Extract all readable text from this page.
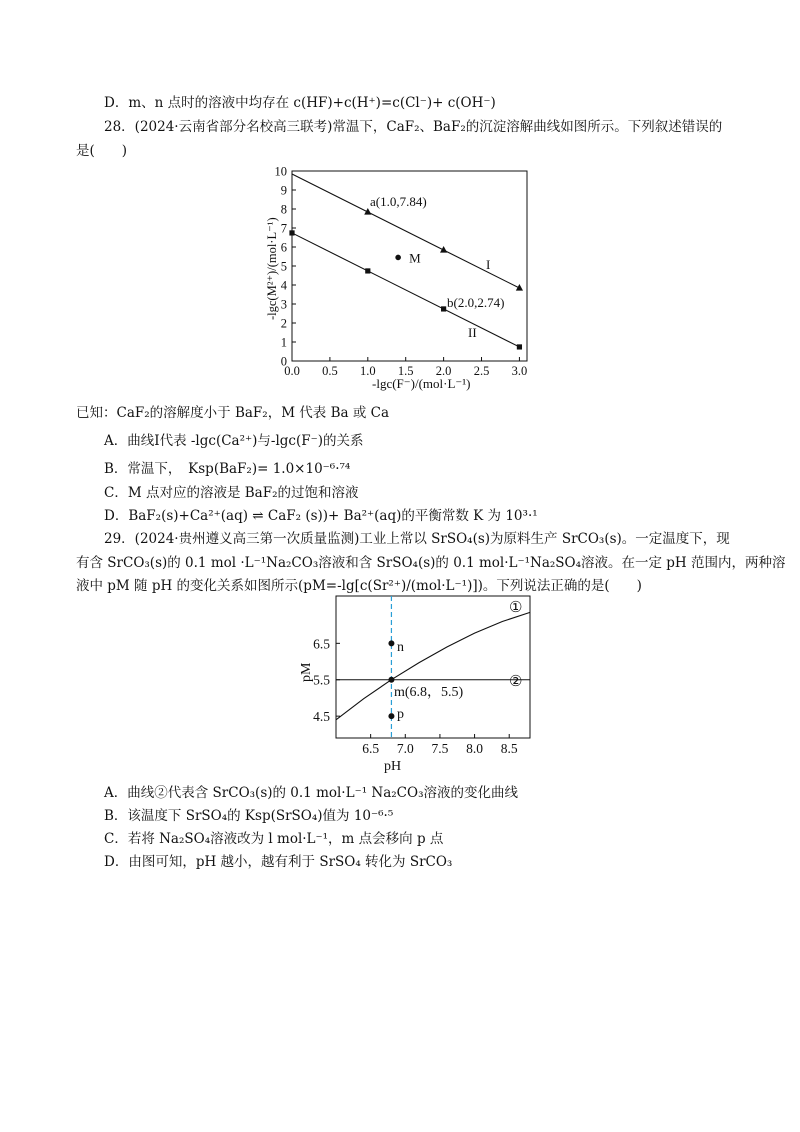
D．m、n 点时的溶液中均存在 c(HF)+c(H⁺)=c(Cl⁻)+ c(OH⁻)
28．(2024·云南省部分名校高三联考)常温下，CaF₂、BaF₂的沉淀溶解曲线如图所示。下列叙述错误的
是(　　)
0.0 0.5 1.0 1.5 2.0 2.5 3.0
0
1
2
3
4
5
6
7
8
9
10
M
a(1.0,7.84)
b(2.0,2.74)
I
II
-lgc(F⁻)/(mol·L⁻¹)
-lgc(M²⁺)/(mol·L⁻¹)
已知：CaF₂的溶解度小于 BaF₂，M 代表 Ba 或 Ca
A．曲线Ⅰ代表 -lgc(Ca²⁺)与-lgc(F⁻)的关系
B．常温下，　Ksp(BaF₂)= 1.0×10⁻⁶·⁷⁴
C．M 点对应的溶液是 BaF₂的过饱和溶液
D．BaF₂(s)+Ca²⁺(aq) ⇌ CaF₂ (s))+ Ba²⁺(aq)的平衡常数 K 为 10³·¹
29．(2024·贵州遵义高三第一次质量监测)工业上常以 SrSO₄(s)为原料生产 SrCO₃(s)。一定温度下，现
有含 SrCO₃(s)的 0.1 mol ·L⁻¹Na₂CO₃溶液和含 SrSO₄(s)的 0.1 mol·L⁻¹Na₂SO₄溶液。在一定 pH 范围内，两种溶
液中 pM 随 pH 的变化关系如图所示(pM=-lg[c(Sr²⁺)/(mol·L⁻¹)])。下列说法正确的是(　　)
6.5 7.0 7.5 8.0 8.5
4.5
5.5
6.5
①
②
m(6.8，5.5)
n
p
pH
pM
A．曲线②代表含 SrCO₃(s)的 0.1 mol·L⁻¹ Na₂CO₃溶液的变化曲线
B．该温度下 SrSO₄的 Ksp(SrSO₄)值为 10⁻⁶·⁵
C．若将 Na₂SO₄溶液改为 l mol·L⁻¹，m 点会移向 p 点
D．由图可知，pH 越小，越有利于 SrSO₄ 转化为 SrCO₃
